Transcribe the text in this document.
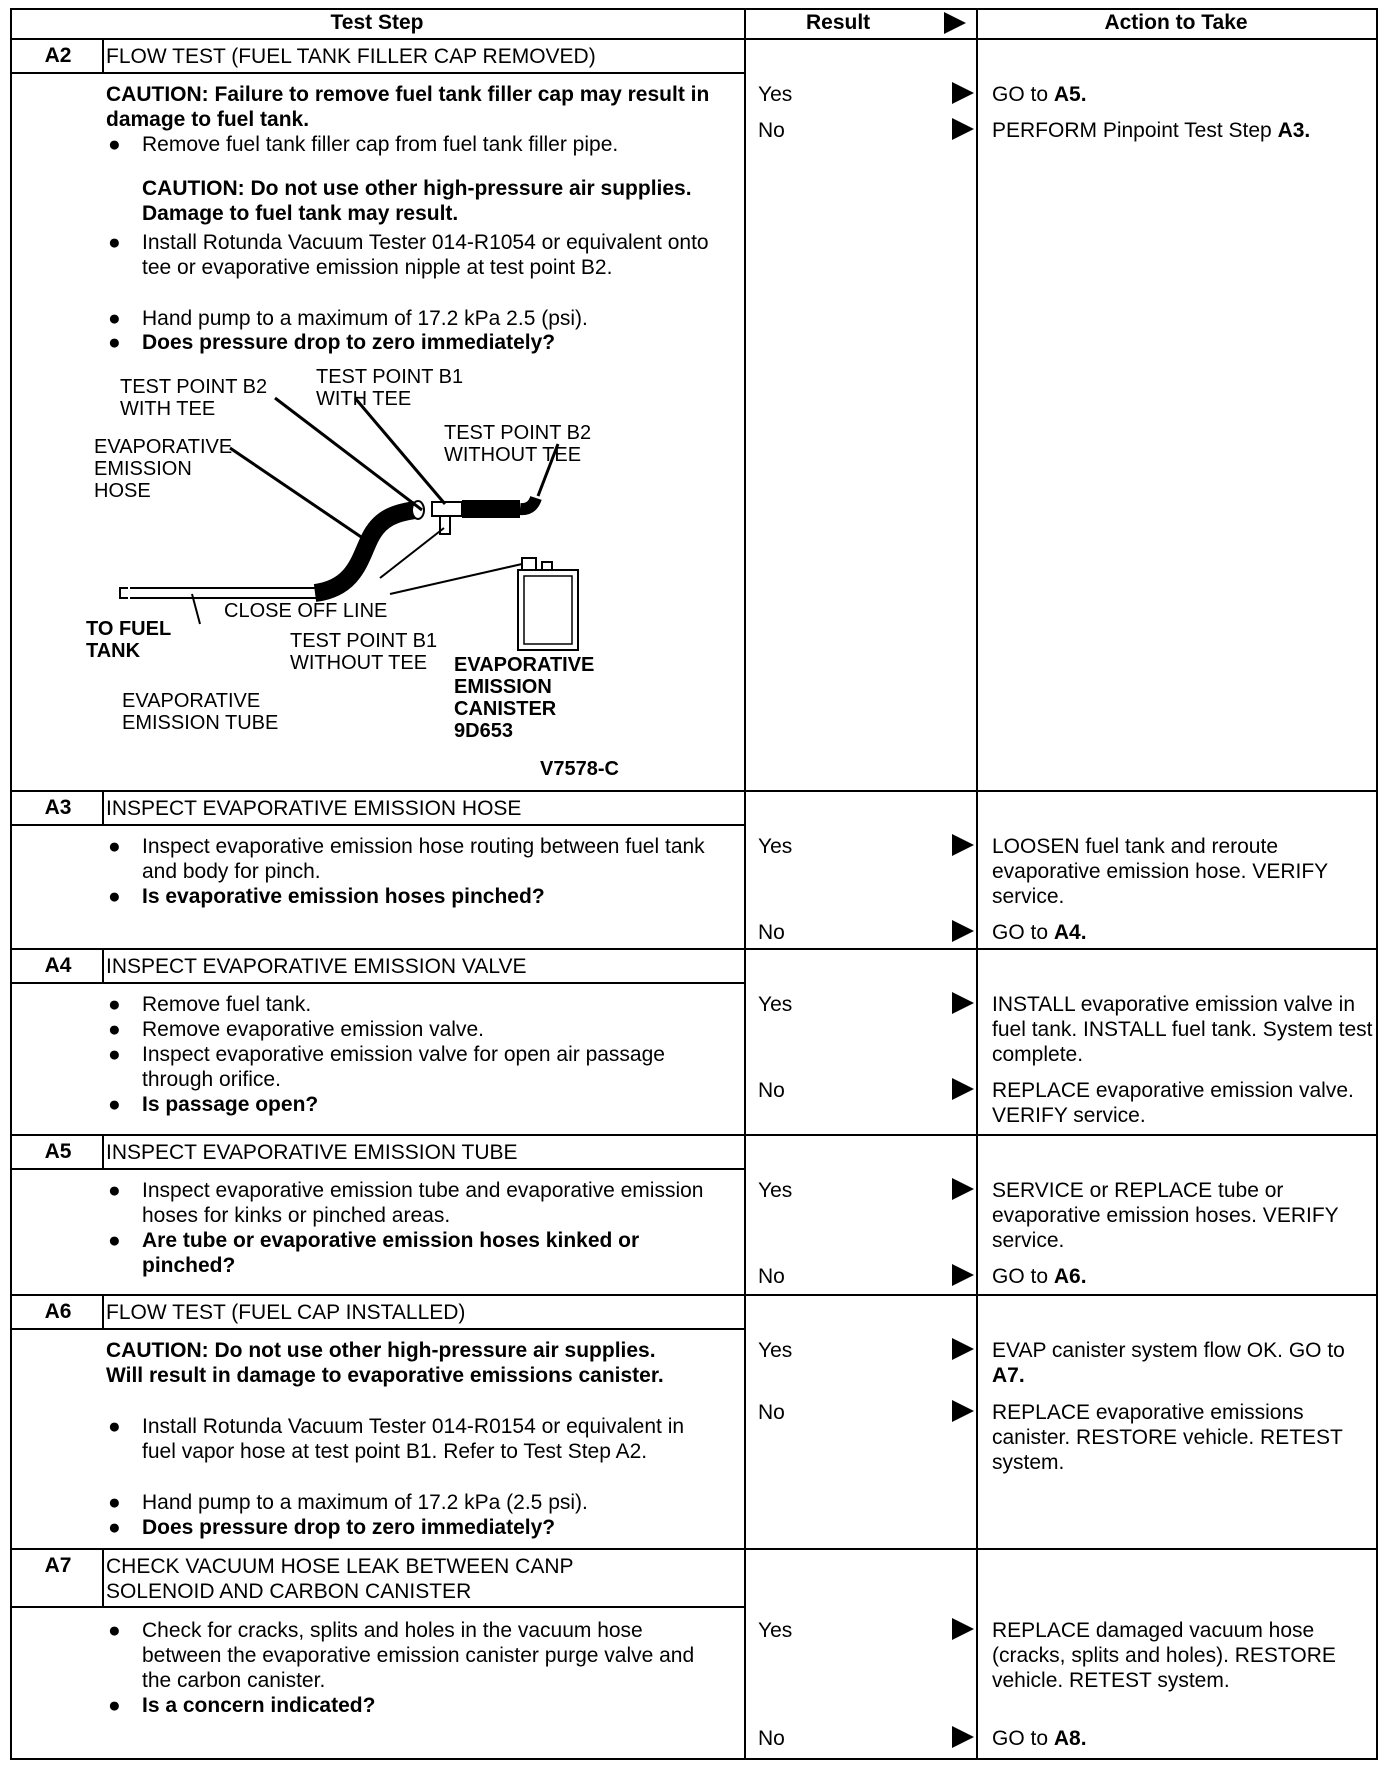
Test Step	Result	Action to Take
A2	FLOW TEST (FUEL TANK FILLER CAP REMOVED)
CAUTION: Failure to remove fuel tank filler cap may result in damage to fuel tank.
● Remove fuel tank filler cap from fuel tank filler pipe.
CAUTION: Do not use other high-pressure air supplies. Damage to fuel tank may result.
● Install Rotunda Vacuum Tester 014-R1054 or equivalent onto tee or evaporative emission nipple at test point B2.
● Hand pump to a maximum of 17.2 kPa 2.5 (psi).
● Does pressure drop to zero immediately?
TEST POINT B2
WITH TEE
TEST POINT B1
WITH TEE
TEST POINT B2
WITHOUT TEE
EVAPORATIVE
EMISSION
HOSE
CLOSE OFF LINE
TO FUEL
TANK	TEST POINT B1
WITHOUT TEE	EVAPORATIVE
EMISSION
CANISTER
9D653
EVAPORATIVE
EMISSION TUBE
V7578-C
Yes	GO to A5.
No	PERFORM Pinpoint Test Step A3.
A3	INSPECT EVAPORATIVE EMISSION HOSE
● Inspect evaporative emission hose routing between fuel tank and body for pinch.
● Is evaporative emission hoses pinched?
Yes	LOOSEN fuel tank and reroute evaporative emission hose. VERIFY service.
No	GO to A4.
A4	INSPECT EVAPORATIVE EMISSION VALVE
● Remove fuel tank.
● Remove evaporative emission valve.
● Inspect evaporative emission valve for open air passage through orifice.
● Is passage open?
Yes	INSTALL evaporative emission valve in fuel tank. INSTALL fuel tank. System test complete.
No	REPLACE evaporative emission valve. VERIFY service.
A5	INSPECT EVAPORATIVE EMISSION TUBE
● Inspect evaporative emission tube and evaporative emission hoses for kinks or pinched areas.
● Are tube or evaporative emission hoses kinked or pinched?
Yes	SERVICE or REPLACE tube or evaporative emission hoses. VERIFY service.
No	GO to A6.
A6	FLOW TEST (FUEL CAP INSTALLED)
CAUTION: Do not use other high-pressure air supplies. Will result in damage to evaporative emissions canister.
● Install Rotunda Vacuum Tester 014-R0154 or equivalent in fuel vapor hose at test point B1. Refer to Test Step A2.
● Hand pump to a maximum of 17.2 kPa (2.5 psi).
● Does pressure drop to zero immediately?
Yes	EVAP canister system flow OK. GO to A7.
No	REPLACE evaporative emissions canister. RESTORE vehicle. RETEST system.
A7	CHECK VACUUM HOSE LEAK BETWEEN CANP
SOLENOID AND CARBON CANISTER
● Check for cracks, splits and holes in the vacuum hose between the evaporative emission canister purge valve and the carbon canister.
● Is a concern indicated?
Yes	REPLACE damaged vacuum hose (cracks, splits and holes). RESTORE vehicle. RETEST system.
No	GO to A8.
